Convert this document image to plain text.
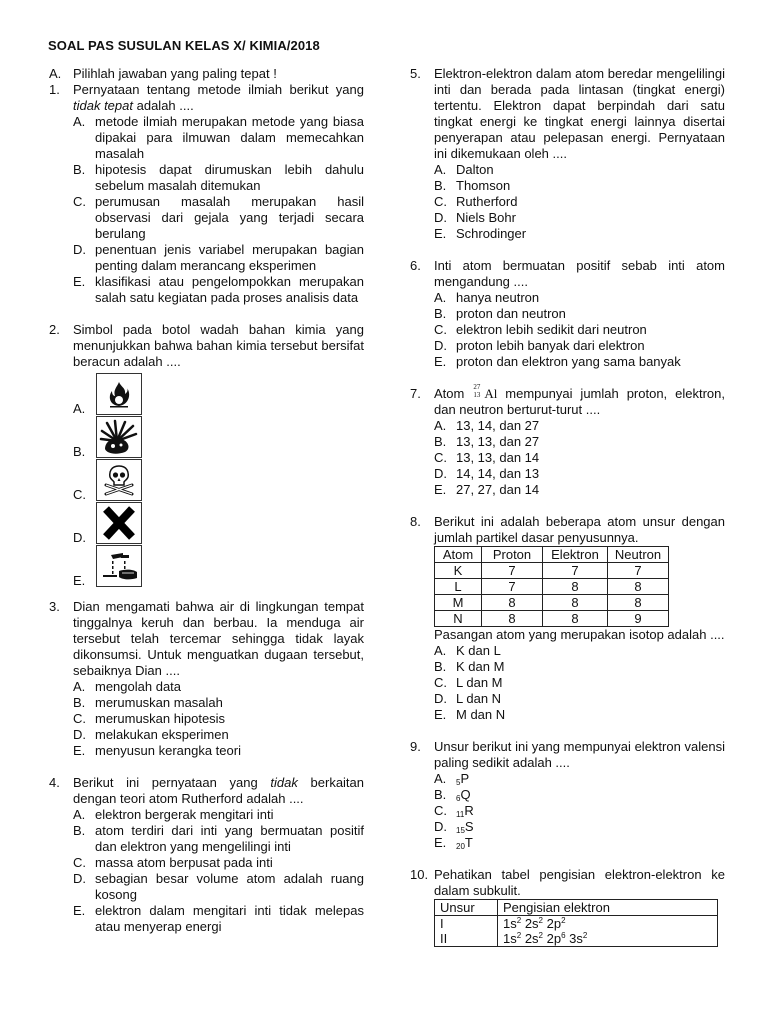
SOAL PAS SUSULAN KELAS X/ KIMIA/2018
A. Pilihlah jawaban yang paling tepat !
1. Pernyataan tentang metode ilmiah berikut yang tidak tepat adalah ....
A. metode ilmiah merupakan metode yang biasa dipakai para ilmuwan dalam memecahkan masalah
B. hipotesis dapat dirumuskan lebih dahulu sebelum masalah ditemukan
C. perumusan masalah merupakan hasil observasi dari gejala yang terjadi secara berulang
D. penentuan jenis variabel merupakan bagian penting dalam merancang eksperimen
E. klasifikasi atau pengelompokkan merupakan salah satu kegiatan pada proses analisis data
2. Simbol pada botol wadah bahan kimia yang menunjukkan bahwa bahan kimia tersebut bersifat beracun adalah ....
A.
B.
C.
D.
E.
3. Dian mengamati bahwa air di lingkungan tempat tinggalnya keruh dan berbau. Ia menduga air tersebut telah tercemar sehingga tidak layak dikonsumsi. Untuk menguatkan dugaan tersebut, sebaiknya Dian ....
A. mengolah data
B. merumuskan masalah
C. merumuskan hipotesis
D. melakukan eksperimen
E. menyusun kerangka teori
4. Berikut ini pernyataan yang tidak berkaitan dengan teori atom Rutherford adalah ....
A. elektron bergerak mengitari inti
B. atom terdiri dari inti yang bermuatan positif dan elektron yang mengelilingi inti
C. massa atom berpusat pada inti
D. sebagian besar volume atom adalah ruang kosong
E. elektron dalam mengitari inti tidak melepas atau menyerap energi
5. Elektron-elektron dalam atom beredar mengelilingi inti dan berada pada lintasan (tingkat energi) tertentu. Elektron dapat berpindah dari satu tingkat energi ke tingkat energi lainnya disertai penyerapan atau pelepasan energi. Pernyataan ini dikemukaan oleh ....
A. Dalton
B. Thomson
C. Rutherford
D. Niels Bohr
E. Schrodinger
6. Inti atom bermuatan positif sebab inti atom mengandung ....
A. hanya neutron
B. proton dan neutron
C. elektron lebih sedikit dari neutron
D. proton lebih banyak dari elektron
E. proton dan elektron yang sama banyak
7. Atom 27
13 Al mempunyai jumlah proton, elektron, dan neutron berturut-turut ....
A. 13, 14, dan 27
B. 13, 13, dan 27
C. 13, 13, dan 14
D. 14, 14, dan 13
E. 27, 27, dan 14
8. Berikut ini adalah beberapa atom unsur dengan jumlah partikel dasar penyusunnya.
Atom	Proton	Elektron	Neutron
K	7	7	7
L	7	8	8
M	8	8	8
N	8	8	9
Pasangan atom yang merupakan isotop adalah ....
A. K dan L
B. K dan M
C. L dan M
D. L dan N
E. M dan N
9. Unsur berikut ini yang mempunyai elektron valensi paling sedikit adalah ....
A. $_5$P
B. $_6$Q
C. $_{11}$R
D. $_{15}$S
E. $_{20}$T
10. Pehatikan tabel pengisian elektron-elektron ke dalam subkulit.
Unsur	Pengisian elektron
I	$1s^2$ $2s^2$ $2p^2$
II	$1s^2$ $2s^2$ $2p^6$ $3s^2$
